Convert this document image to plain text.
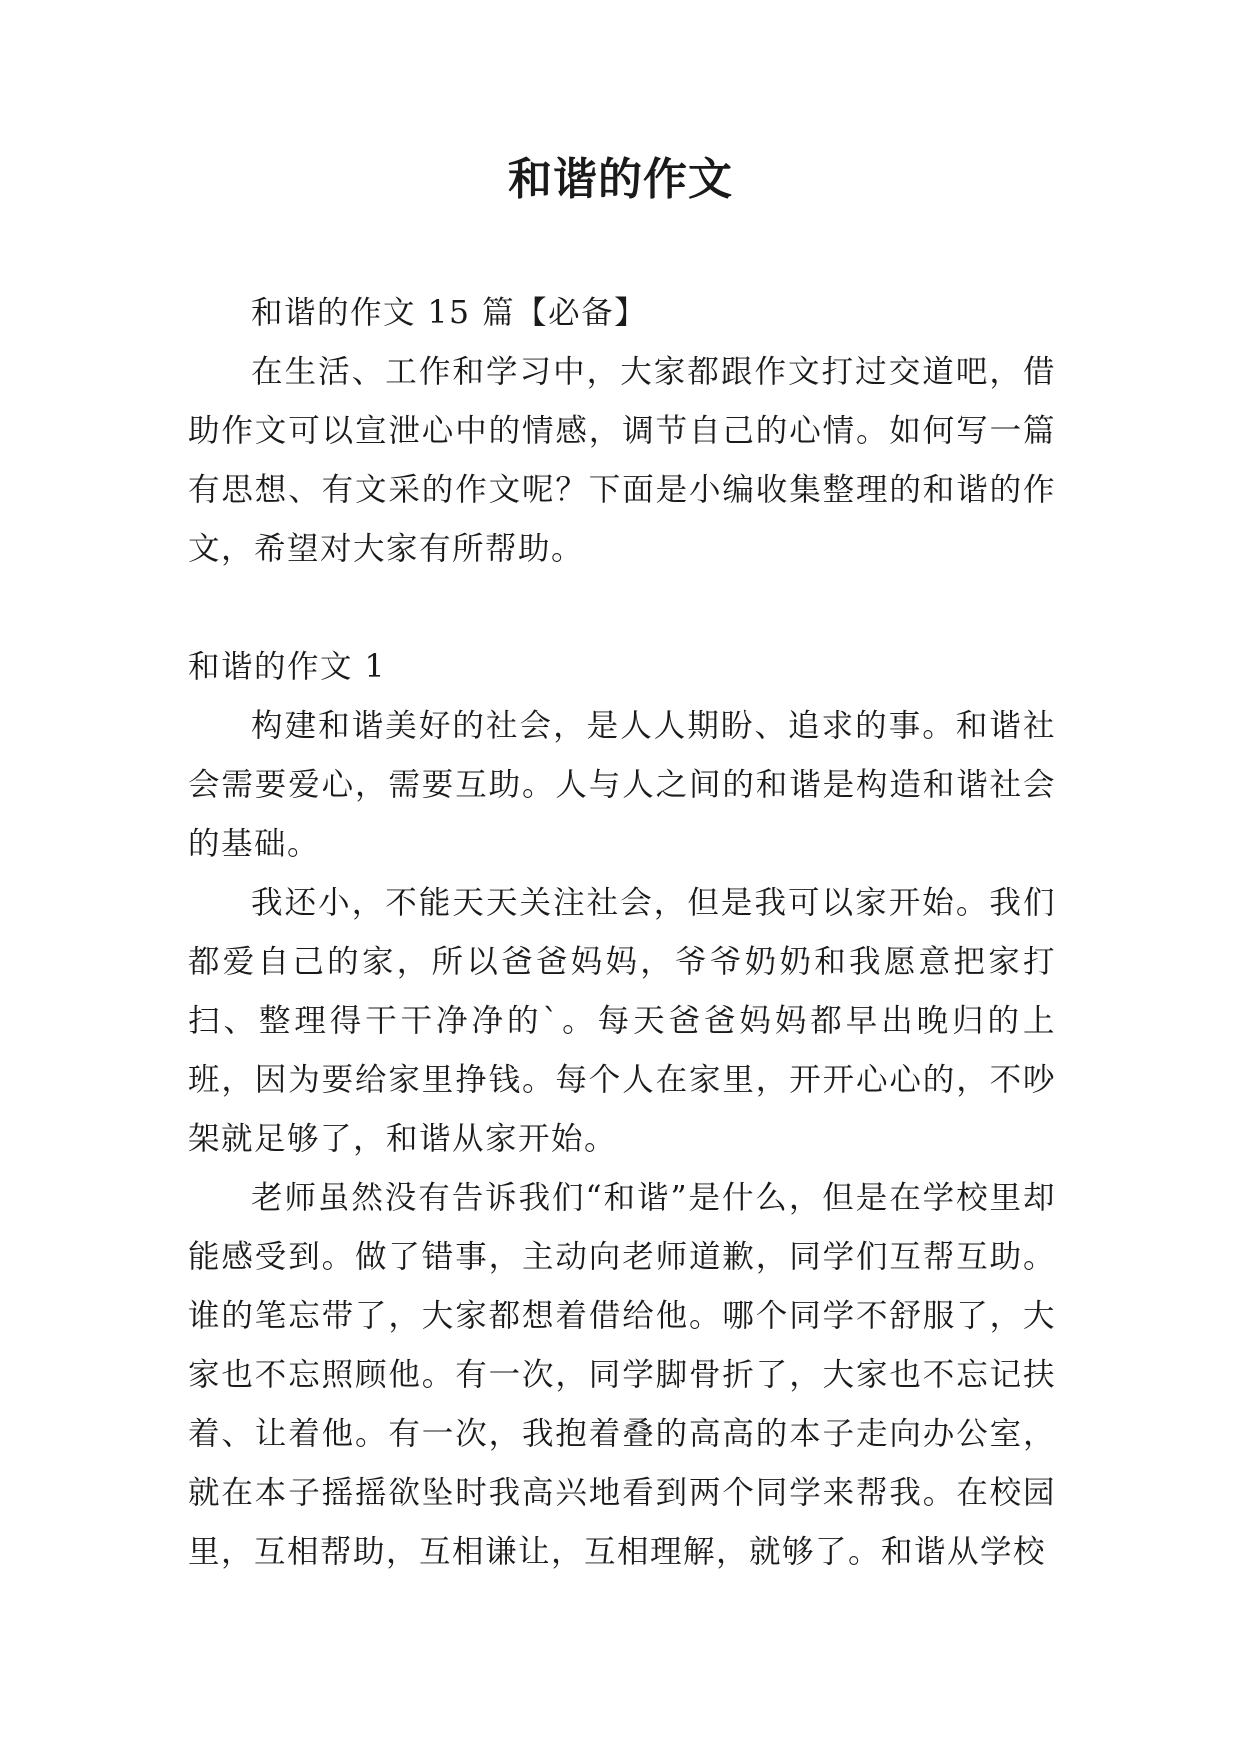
和谐的作文

和谐的作文 15 篇【必备】

在生活、工作和学习中，大家都跟作文打过交道吧，借助作文可以宣泄心中的情感，调节自己的心情。如何写一篇有思想、有文采的作文呢？下面是小编收集整理的和谐的作文，希望对大家有所帮助。

和谐的作文 1

构建和谐美好的社会，是人人期盼、追求的事。和谐社会需要爱心，需要互助。人与人之间的和谐是构造和谐社会的基础。

我还小，不能天天关注社会，但是我可以家开始。我们都爱自己的家，所以爸爸妈妈，爷爷奶奶和我愿意把家打扫、整理得干干净净的`。每天爸爸妈妈都早出晚归的上班，因为要给家里挣钱。每个人在家里，开开心心的，不吵架就足够了，和谐从家开始。

老师虽然没有告诉我们“和谐”是什么，但是在学校里却能感受到。做了错事，主动向老师道歉，同学们互帮互助。谁的笔忘带了，大家都想着借给他。哪个同学不舒服了，大家也不忘照顾他。有一次，同学脚骨折了，大家也不忘记扶着、让着他。有一次，我抱着叠的高高的本子走向办公室，就在本子摇摇欲坠时我高兴地看到两个同学来帮我。在校园里，互相帮助，互相谦让，互相理解，就够了。和谐从学校
